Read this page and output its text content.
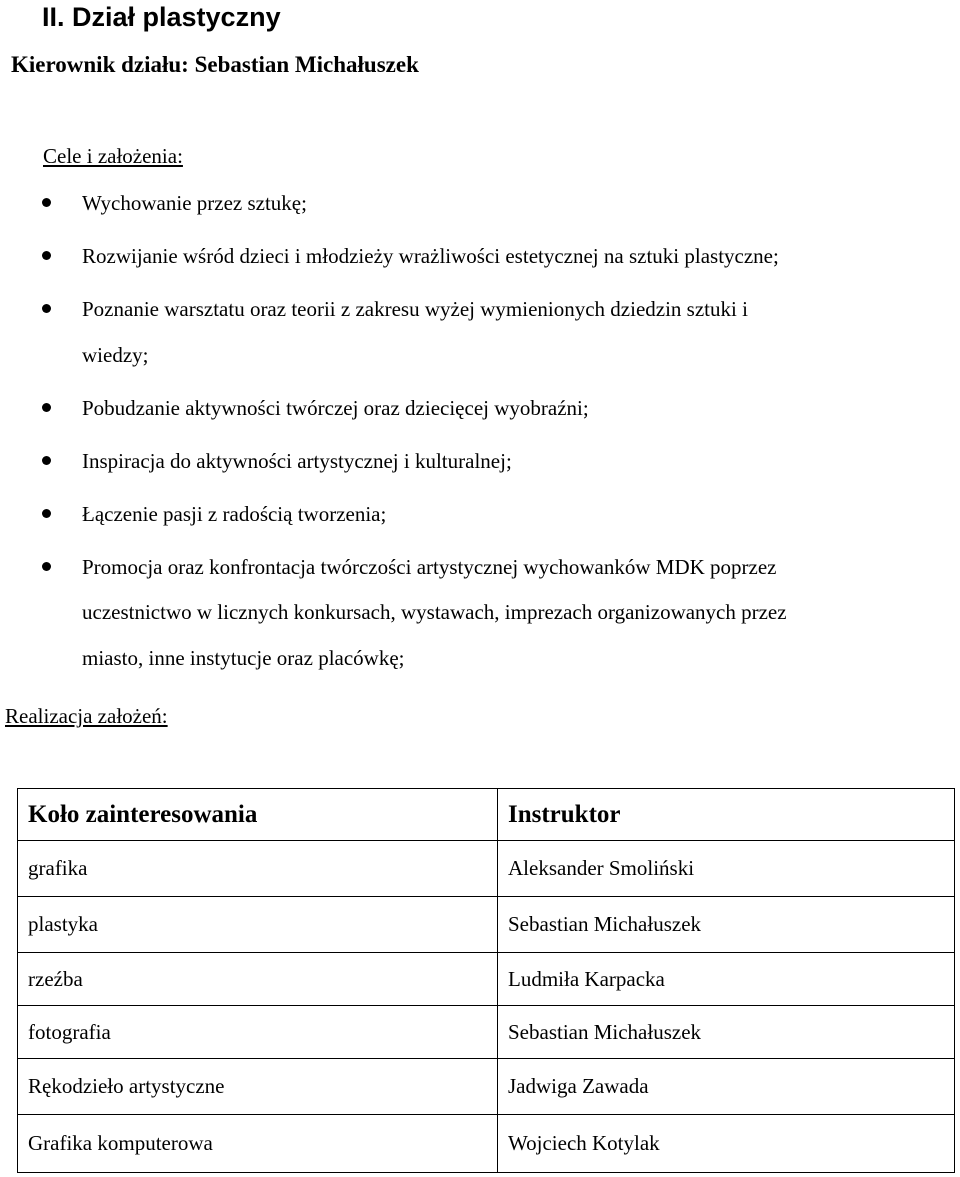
II. Dział plastyczny

Kierownik działu: Sebastian Michałuszek

Cele i założenia:

Wychowanie przez sztukę;
Rozwijanie wśród dzieci i młodzieży wrażliwości estetycznej na sztuki plastyczne;
Poznanie warsztatu oraz teorii z zakresu wyżej wymienionych dziedzin sztuki i
wiedzy;
Pobudzanie aktywności twórczej oraz dziecięcej wyobraźni;
Inspiracja do aktywności artystycznej i kulturalnej;
Łączenie pasji z radością tworzenia;
Promocja oraz konfrontacja twórczości artystycznej wychowanków MDK poprzez
uczestnictwo w licznych konkursach, wystawach, imprezach organizowanych przez
miasto, inne instytucje oraz placówkę;

Realizacja założeń:

Koło zainteresowania	Instruktor
grafika	Aleksander Smoliński
plastyka	Sebastian Michałuszek
rzeźba	Ludmiła Karpacka
fotografia	Sebastian Michałuszek
Rękodzieło artystyczne	Jadwiga Zawada
Grafika komputerowa	Wojciech Kotylak
